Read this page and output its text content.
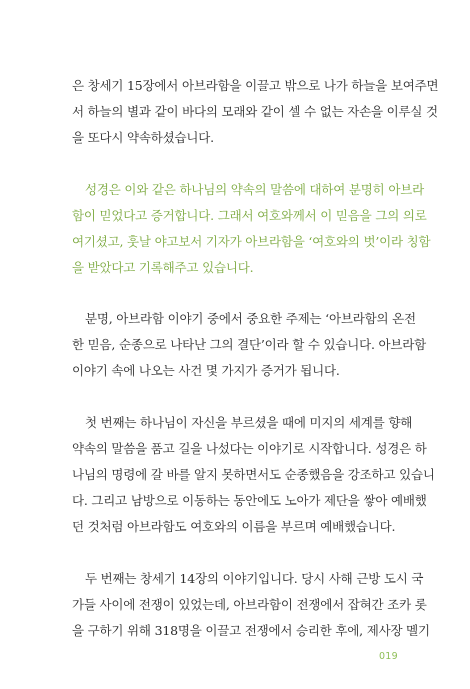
은 창세기 15장에서 아브라함을 이끌고 밖으로 나가 하늘을 보여주면
서 하늘의 별과 같이 바다의 모래와 같이 셀 수 없는 자손을 이루실 것
을 또다시 약속하셨습니다.
성경은 이와 같은 하나님의 약속의 말씀에 대하여 분명히 아브라
함이 믿었다고 증거합니다. 그래서 여호와께서 이 믿음을 그의 의로
여기셨고, 훗날 야고보서 기자가 아브라함을 ‘여호와의 벗’이라 칭함
을 받았다고 기록해주고 있습니다.
분명, 아브라함 이야기 중에서 중요한 주제는 ‘아브라함의 온전
한 믿음, 순종으로 나타난 그의 결단’이라 할 수 있습니다. 아브라함
이야기 속에 나오는 사건 몇 가지가 증거가 됩니다.
첫 번째는 하나님이 자신을 부르셨을 때에 미지의 세계를 향해
약속의 말씀을 품고 길을 나섰다는 이야기로 시작합니다. 성경은 하
나님의 명령에 갈 바를 알지 못하면서도 순종했음을 강조하고 있습니
다. 그리고 남방으로 이동하는 동안에도 노아가 제단을 쌓아 예배했
던 것처럼 아브라함도 여호와의 이름을 부르며 예배했습니다.
두 번째는 창세기 14장의 이야기입니다. 당시 사해 근방 도시 국
가들 사이에 전쟁이 있었는데, 아브라함이 전쟁에서 잡혀간 조카 롯
을 구하기 위해 318명을 이끌고 전쟁에서 승리한 후에, 제사장 멜기
019
